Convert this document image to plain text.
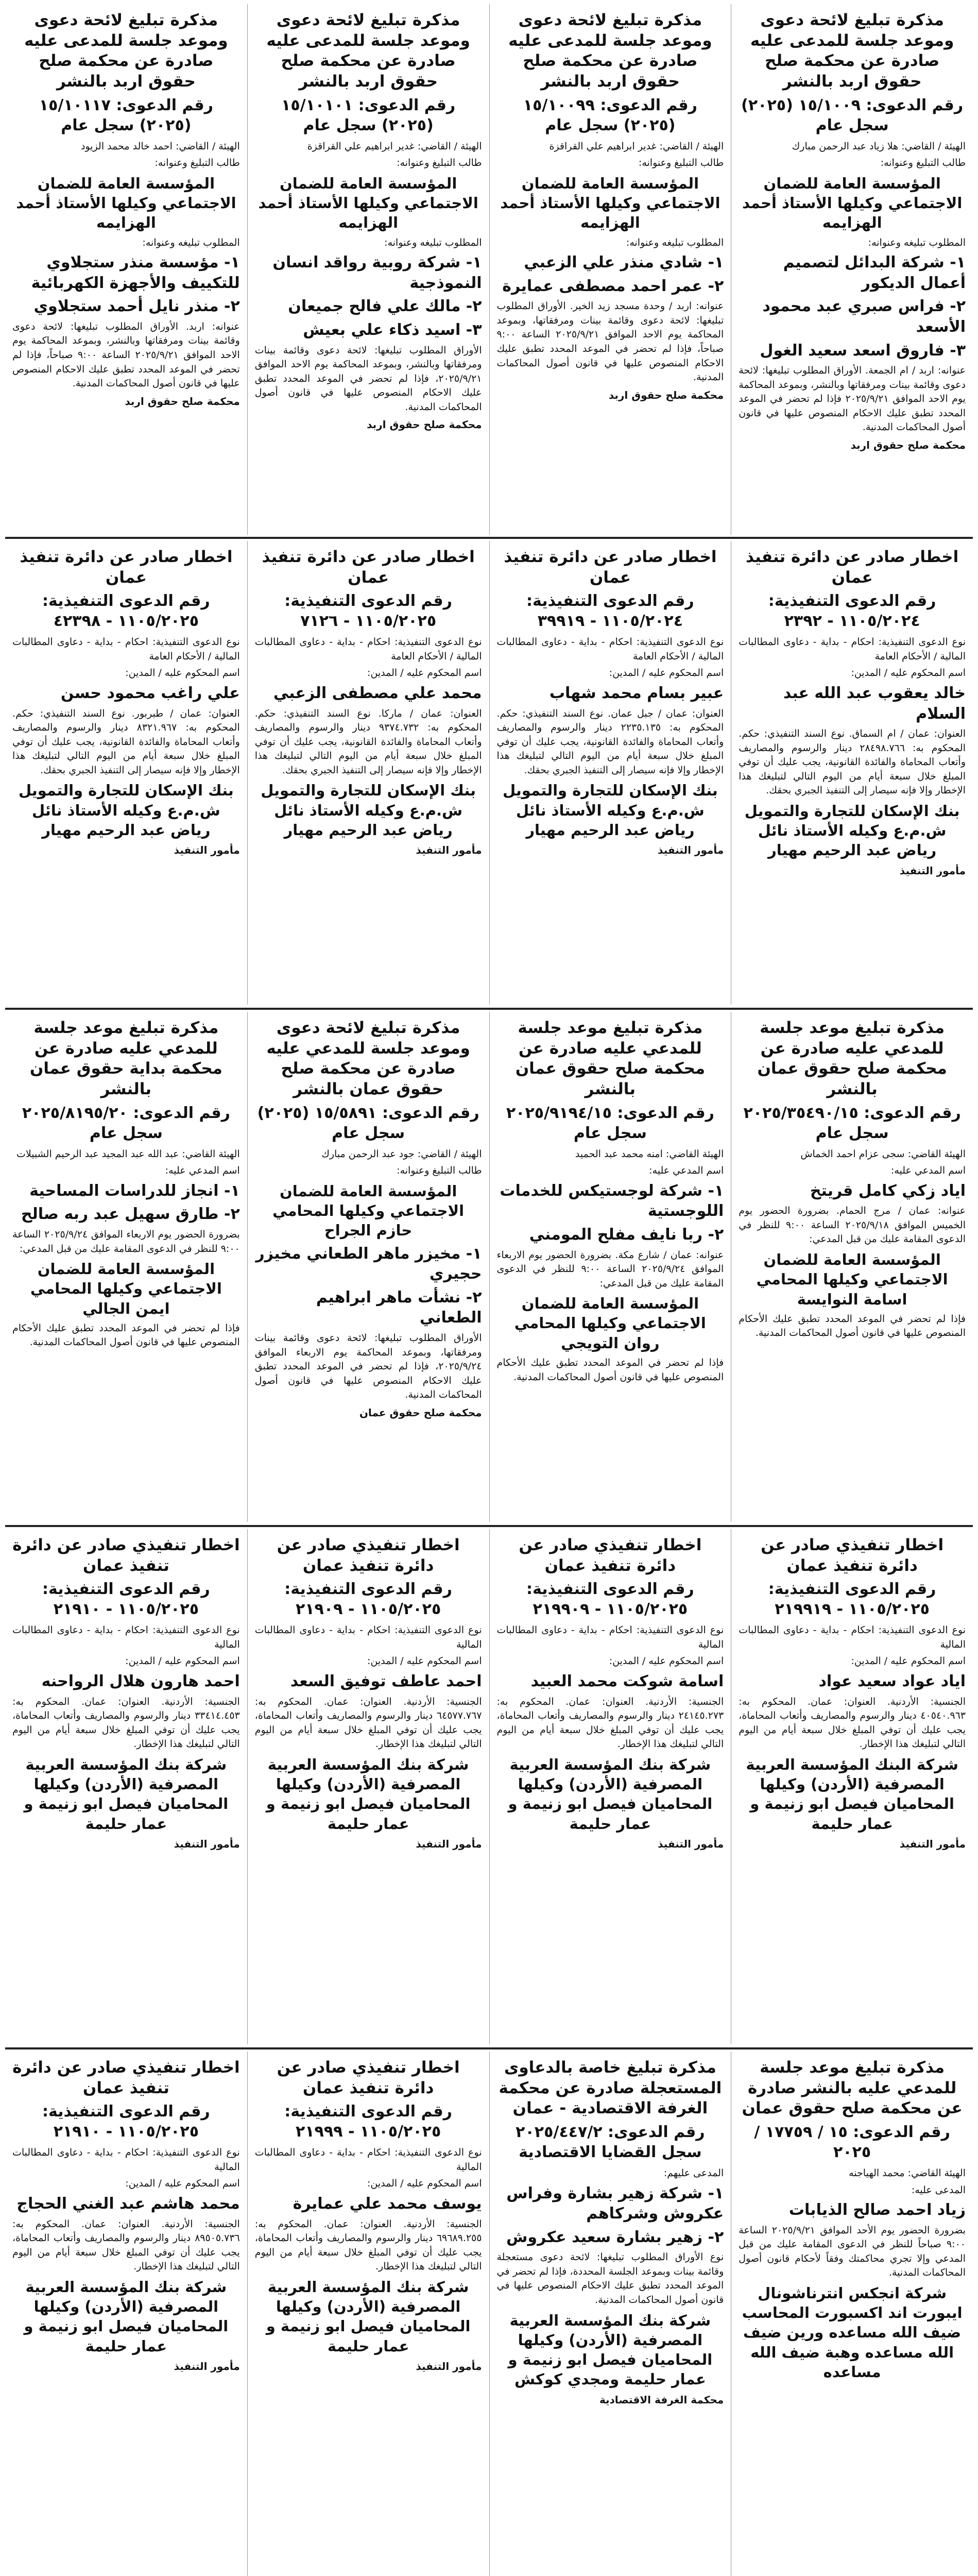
مذكرة تبليغ لائحة دعوى وموعد جلسة للمدعى عليه صادرة عن محكمة صلح حقوق اربد بالنشر
رقم الدعوى: ١٥/١٠٠٩ (٢٠٢٥) سجل عام
الهيئة / القاضي: هلا زياد عبد الرحمن مبارك
طالب التبليغ وعنوانه:
المؤسسة العامة للضمان الاجتماعي وكيلها الأستاذ أحمد الهزايمه
المطلوب تبليغه وعنوانه:
١- شركة البدائل لتصميم أعمال الديكور
٢- فراس صبري عبد محمود الأسعد
٣- فاروق اسعد سعيد الغول
عنوانه: اربد / ام الجمعة. الأوراق المطلوب تبليغها: لائحة دعوى وقائمة بينات ومرفقاتها وبالنشر، وبموعد المحاكمة يوم الاحد الموافق ٢٠٢٥/٩/٢١ فإذا لم تحضر في الموعد المحدد تطبق عليك الاحكام المنصوص عليها في قانون أصول المحاكمات المدنية.
محكمة صلح حقوق اربد
مذكرة تبليغ لائحة دعوى وموعد جلسة للمدعى عليه صادرة عن محكمة صلح حقوق اربد بالنشر
رقم الدعوى: ١٥/١٠٠٩٩ (٢٠٢٥) سجل عام
الهيئة / القاضي: غدير ابراهيم علي القراقزة
طالب التبليغ وعنوانه:
المؤسسة العامة للضمان الاجتماعي وكيلها الأستاذ أحمد الهزايمه
المطلوب تبليغه وعنوانه:
١- شادي منذر علي الزعبي
٢- عمر احمد مصطفى عمايرة
عنوانه: اربد / وحدة مسجد زيد الخير. الأوراق المطلوب تبليغها: لائحة دعوى وقائمة بينات ومرفقاتها، وبموعد المحاكمة يوم الاحد الموافق ٢٠٢٥/٩/٢١ الساعة ٩:٠٠ صباحاً، فإذا لم تحضر في الموعد المحدد تطبق عليك الاحكام المنصوص عليها في قانون أصول المحاكمات المدنية.
محكمة صلح حقوق اربد
مذكرة تبليغ لائحة دعوى وموعد جلسة للمدعى عليه صادرة عن محكمة صلح حقوق اربد بالنشر
رقم الدعوى: ١٥/١٠١٠١ (٢٠٢٥) سجل عام
الهيئة / القاضي: غدير ابراهيم علي القراقزة
طالب التبليغ وعنوانه:
المؤسسة العامة للضمان الاجتماعي وكيلها الأستاذ أحمد الهزايمه
المطلوب تبليغه وعنوانه:
١- شركة روبية رواقد انسان النموذجية
٢- مالك علي فالح جميعان
٣- اسيد ذكاء علي بعيش
الأوراق المطلوب تبليغها: لائحة دعوى وقائمة بينات ومرفقاتها وبالنشر، وبموعد المحاكمة يوم الاحد الموافق ٢٠٢٥/٩/٢١، فإذا لم تحضر في الموعد المحدد تطبق عليك الاحكام المنصوص عليها في قانون أصول المحاكمات المدنية.
محكمة صلح حقوق اربد
مذكرة تبليغ لائحة دعوى وموعد جلسة للمدعى عليه صادرة عن محكمة صلح حقوق اربد بالنشر
رقم الدعوى: ١٥/١٠١١٧ (٢٠٢٥) سجل عام
الهيئة / القاضي: احمد خالد محمد الزيود
طالب التبليغ وعنوانه:
المؤسسة العامة للضمان الاجتماعي وكيلها الأستاذ أحمد الهزايمه
المطلوب تبليغه وعنوانه:
١- مؤسسة منذر ستجلاوي للتكييف والأجهزة الكهربائية
٢- منذر نايل أحمد ستجلاوي
عنوانه: اربد. الأوراق المطلوب تبليغها: لائحة دعوى وقائمة بينات ومرفقاتها وبالنشر، وبموعد المحاكمة يوم الاحد الموافق ٢٠٢٥/٩/٢١ الساعة ٩:٠٠ صباحاً، فإذا لم تحضر في الموعد المحدد تطبق عليك الاحكام المنصوص عليها في قانون أصول المحاكمات المدنية.
محكمة صلح حقوق اربد
اخطار صادر عن دائرة تنفيذ عمان
رقم الدعوى التنفيذية: ١١٠٥/٢٠٢٤ - ٢٣٩٢
نوع الدعوى التنفيذية: احكام - بداية - دعاوى المطالبات المالية / الأحكام العامة
اسم المحكوم عليه / المدين:
خالد يعقوب عبد الله عبد السلام
العنوان: عمان / ام السماق. نوع السند التنفيذي: حكم. المحكوم به: ٢٨٤٩٨.٧٦٦ دينار والرسوم والمصاريف وأتعاب المحاماة والفائدة القانونية، يجب عليك أن توفي المبلغ خلال سبعة أيام من اليوم التالي لتبليغك هذا الإخطار وإلا فإنه سيصار إلى التنفيذ الجبري بحقك.
بنك الإسكان للتجارة والتمويل ش.م.ع وكيله الأستاذ نائل رياض عبد الرحيم مهيار
مأمور التنفيذ
اخطار صادر عن دائرة تنفيذ عمان
رقم الدعوى التنفيذية: ١١٠٥/٢٠٢٤ - ٣٩٩١٩
نوع الدعوى التنفيذية: احكام - بداية - دعاوى المطالبات المالية / الأحكام العامة
اسم المحكوم عليه / المدين:
عبير بسام محمد شهاب
العنوان: عمان / جبل عمان. نوع السند التنفيذي: حكم. المحكوم به: ٢٢٣٥.١٣٥ دينار والرسوم والمصاريف وأتعاب المحاماة والفائدة القانونية، يجب عليك أن توفي المبلغ خلال سبعة أيام من اليوم التالي لتبليغك هذا الإخطار وإلا فإنه سيصار إلى التنفيذ الجبري بحقك.
بنك الإسكان للتجارة والتمويل ش.م.ع وكيله الأستاذ نائل رياض عبد الرحيم مهيار
مأمور التنفيذ
اخطار صادر عن دائرة تنفيذ عمان
رقم الدعوى التنفيذية: ١١٠٥/٢٠٢٥ - ٧١٢٦
نوع الدعوى التنفيذية: احكام - بداية - دعاوى المطالبات المالية / الأحكام العامة
اسم المحكوم عليه / المدين:
محمد علي مصطفى الزعبي
العنوان: عمان / ماركا. نوع السند التنفيذي: حكم. المحكوم به: ٩٣٧٤.٧٣٢ دينار والرسوم والمصاريف وأتعاب المحاماة والفائدة القانونية، يجب عليك أن توفي المبلغ خلال سبعة أيام من اليوم التالي لتبليغك هذا الإخطار وإلا فإنه سيصار إلى التنفيذ الجبري بحقك.
بنك الإسكان للتجارة والتمويل ش.م.ع وكيله الأستاذ نائل رياض عبد الرحيم مهيار
مأمور التنفيذ
اخطار صادر عن دائرة تنفيذ عمان
رقم الدعوى التنفيذية: ١١٠٥/٢٠٢٥ - ٤٢٣٩٨
نوع الدعوى التنفيذية: احكام - بداية - دعاوى المطالبات المالية / الأحكام العامة
اسم المحكوم عليه / المدين:
علي راغب محمود حسن
العنوان: عمان / طبربور. نوع السند التنفيذي: حكم. المحكوم به: ٨٣٢١.٩٦٧ دينار والرسوم والمصاريف وأتعاب المحاماة والفائدة القانونية، يجب عليك أن توفي المبلغ خلال سبعة أيام من اليوم التالي لتبليغك هذا الإخطار وإلا فإنه سيصار إلى التنفيذ الجبري بحقك.
بنك الإسكان للتجارة والتمويل ش.م.ع وكيله الأستاذ نائل رياض عبد الرحيم مهيار
مأمور التنفيذ
مذكرة تبليغ موعد جلسة للمدعي عليه صادرة عن محكمة صلح حقوق عمان بالنشر
رقم الدعوى: ٢٠٢٥/٣٥٤٩٠/١٥ سجل عام
الهيئة القاضي: سجى عزام احمد الخماش
اسم المدعي عليه:
اياد زكي كامل قريتخ
عنوانه: عمان / مرج الحمام. بضرورة الحضور يوم الخميس الموافق ٢٠٢٥/٩/١٨ الساعة ٩:٠٠ للنظر في الدعوى المقامة عليك من قبل المدعي:
المؤسسة العامة للضمان الاجتماعي وكيلها المحامي اسامة النوايسة
فإذا لم تحضر في الموعد المحدد تطبق عليك الأحكام المنصوص عليها في قانون أصول المحاكمات المدنية.
مذكرة تبليغ موعد جلسة للمدعي عليه صادرة عن محكمة صلح حقوق عمان بالنشر
رقم الدعوى: ٢٠٢٥/٩١٩٤/١٥ سجل عام
الهيئة القاضي: امنه محمد عبد الحميد
اسم المدعي عليه:
١- شركة لوجستيكس للخدمات اللوجستية
٢- ربا نايف مفلح المومني
عنوانه: عمان / شارع مكة. بضرورة الحضور يوم الاربعاء الموافق ٢٠٢٥/٩/٢٤ الساعة ٩:٠٠ للنظر في الدعوى المقامة عليك من قبل المدعي:
المؤسسة العامة للضمان الاجتماعي وكيلها المحامي روان التويجي
فإذا لم تحضر في الموعد المحدد تطبق عليك الأحكام المنصوص عليها في قانون أصول المحاكمات المدنية.
مذكرة تبليغ لائحة دعوى وموعد جلسة للمدعي عليه صادرة عن محكمة صلح حقوق عمان بالنشر
رقم الدعوى: ١٥/٥٨٩١ (٢٠٢٥) سجل عام
الهيئة / القاضي: جود عبد الرحمن مبارك
طالب التبليغ وعنوانه:
المؤسسة العامة للضمان الاجتماعي وكيلها المحامي حازم الجراح
١- مخيزر ماهر الطعاني مخيزر حجيري
٢- نشأت ماهر ابراهيم الطعاني
الأوراق المطلوب تبليغها: لائحة دعوى وقائمة بينات ومرفقاتها، وبموعد المحاكمة يوم الاربعاء الموافق ٢٠٢٥/٩/٢٤، فإذا لم تحضر في الموعد المحدد تطبق عليك الاحكام المنصوص عليها في قانون أصول المحاكمات المدنية.
محكمة صلح حقوق عمان
مذكرة تبليغ موعد جلسة للمدعي عليه صادرة عن محكمة بداية حقوق عمان بالنشر
رقم الدعوى: ٢٠٢٥/٨١٩٥/٢٠ سجل عام
الهيئة القاضي: عبد الله عبد المجيد عبد الرحيم الشبيلات
اسم المدعي عليه:
١- انجاز للدراسات المساحية
٢- طارق سهيل عبد ربه صالح
بضرورة الحضور يوم الاربعاء الموافق ٢٠٢٥/٩/٢٤ الساعة ٩:٠٠ للنظر في الدعوى المقامة عليك من قبل المدعي:
المؤسسة العامة للضمان الاجتماعي وكيلها المحامي ايمن الجالي
فإذا لم تحضر في الموعد المحدد تطبق عليك الأحكام المنصوص عليها في قانون أصول المحاكمات المدنية.
اخطار تنفيذي صادر عن دائرة تنفيذ عمان
رقم الدعوى التنفيذية: ١١٠٥/٢٠٢٥ - ٢١٩٩١٩
نوع الدعوى التنفيذية: احكام - بداية - دعاوى المطالبات المالية
اسم المحكوم عليه / المدين:
اياد عواد سعيد عواد
الجنسية: الأردنية. العنوان: عمان. المحكوم به: ٤٠٥٤٠.٩٦٣ دينار والرسوم والمصاريف وأتعاب المحاماة، يجب عليك أن توفي المبلغ خلال سبعة أيام من اليوم التالي لتبليغك هذا الإخطار.
شركة البنك المؤسسة العربية المصرفية (الأردن) وكيلها المحاميان فيصل ابو زنيمة و عمار حليمة
مأمور التنفيذ
اخطار تنفيذي صادر عن دائرة تنفيذ عمان
رقم الدعوى التنفيذية: ١١٠٥/٢٠٢٥ - ٢١٩٩٠٩
نوع الدعوى التنفيذية: احكام - بداية - دعاوى المطالبات المالية
اسم المحكوم عليه / المدين:
اسامة شوكت محمد العبيد
الجنسية: الأردنية. العنوان: عمان. المحكوم به: ٢٤١٤٥.٢٧٣ دينار والرسوم والمصاريف وأتعاب المحاماة، يجب عليك أن توفي المبلغ خلال سبعة أيام من اليوم التالي لتبليغك هذا الإخطار.
شركة بنك المؤسسة العربية المصرفية (الأردن) وكيلها المحاميان فيصل ابو زنيمة و عمار حليمة
مأمور التنفيذ
اخطار تنفيذي صادر عن دائرة تنفيذ عمان
رقم الدعوى التنفيذية: ١١٠٥/٢٠٢٥ - ٢١٩٠٩
نوع الدعوى التنفيذية: احكام - بداية - دعاوى المطالبات المالية
اسم المحكوم عليه / المدين:
احمد عاطف توفيق السعد
الجنسية: الأردنية. العنوان: عمان. المحكوم به: ٦٤٥٧٧.٧٦٧ دينار والرسوم والمصاريف وأتعاب المحاماة، يجب عليك أن توفي المبلغ خلال سبعة أيام من اليوم التالي لتبليغك هذا الإخطار.
شركة بنك المؤسسة العربية المصرفية (الأردن) وكيلها المحاميان فيصل ابو زنيمة و عمار حليمة
مأمور التنفيذ
اخطار تنفيذي صادر عن دائرة تنفيذ عمان
رقم الدعوى التنفيذية: ١١٠٥/٢٠٢٥ - ٢١٩١٠
نوع الدعوى التنفيذية: احكام - بداية - دعاوى المطالبات المالية
اسم المحكوم عليه / المدين:
احمد هارون هلال الرواحنه
الجنسية: الأردنية. العنوان: عمان. المحكوم به: ٣٣٤١٤.٤٥٣ دينار والرسوم والمصاريف وأتعاب المحاماة، يجب عليك أن توفي المبلغ خلال سبعة أيام من اليوم التالي لتبليغك هذا الإخطار.
شركة بنك المؤسسة العربية المصرفية (الأردن) وكيلها المحاميان فيصل ابو زنيمة و عمار حليمة
مأمور التنفيذ
مذكرة تبليغ موعد جلسة للمدعي عليه بالنشر صادرة عن محكمة صلح حقوق عمان
رقم الدعوى: ١٥ / ١٧٧٥٩ / ٢٠٢٥
الهيئة القاضي: محمد الهياجنه
المدعى عليه:
زياد احمد صالح الذيابات
بضرورة الحضور يوم الأحد الموافق ٢٠٢٥/٩/٢١ الساعة ٩:٠٠ صباحاً للنظر في الدعوى المقامة عليك من قبل المدعي وإلا تجري محاكمتك وفقاً لأحكام قانون أصول المحاكمات المدنية.
شركة انجكس انترناشونال ايبورت اند اكسبورت المحاسب ضيف الله مساعده ورين ضيف الله مساعده وهبة ضيف الله مساعده
مذكرة تبليغ خاصة بالدعاوى المستعجلة صادرة عن محكمة الغرفة الاقتصادية - عمان
رقم الدعوى: ٢٠٢٥/٤٤٧/٢ سجل القضايا الاقتصادية
المدعى عليهم:
١- شركة زهير بشارة وفراس عكروش وشركاهم
٢- زهير بشارة سعيد عكروش
نوع الأوراق المطلوب تبليغها: لائحة دعوى مستعجلة وقائمة بينات وبموعد الجلسة المحددة، فإذا لم تحضر في الموعد المحدد تطبق عليك الاحكام المنصوص عليها في قانون أصول المحاكمات المدنية.
شركة بنك المؤسسة العربية المصرفية (الأردن) وكيلها المحاميان فيصل ابو زنيمة و عمار حليمة ومجدي كوكش
محكمة الغرفة الاقتصادية
اخطار تنفيذي صادر عن دائرة تنفيذ عمان
رقم الدعوى التنفيذية: ١١٠٥/٢٠٢٥ - ٢١٩٩٩
نوع الدعوى التنفيذية: احكام - بداية - دعاوى المطالبات المالية
اسم المحكوم عليه / المدين:
يوسف محمد علي عمايرة
الجنسية: الأردنية. العنوان: عمان. المحكوم به: ٦٩٦٨٩.٢٥٥ دينار والرسوم والمصاريف وأتعاب المحاماة، يجب عليك أن توفي المبلغ خلال سبعة أيام من اليوم التالي لتبليغك هذا الإخطار.
شركة بنك المؤسسة العربية المصرفية (الأردن) وكيلها المحاميان فيصل ابو زنيمة و عمار حليمة
مأمور التنفيذ
اخطار تنفيذي صادر عن دائرة تنفيذ عمان
رقم الدعوى التنفيذية: ١١٠٥/٢٠٢٥ - ٢١٩١٠
نوع الدعوى التنفيذية: احكام - بداية - دعاوى المطالبات المالية
اسم المحكوم عليه / المدين:
محمد هاشم عبد الغني الحجاج
الجنسية: الأردنية. العنوان: عمان. المحكوم به: ٨٩٥٠٥.٧٣٦ دينار والرسوم والمصاريف وأتعاب المحاماة، يجب عليك أن توفي المبلغ خلال سبعة أيام من اليوم التالي لتبليغك هذا الإخطار.
شركة بنك المؤسسة العربية المصرفية (الأردن) وكيلها المحاميان فيصل ابو زنيمة و عمار حليمة
مأمور التنفيذ
